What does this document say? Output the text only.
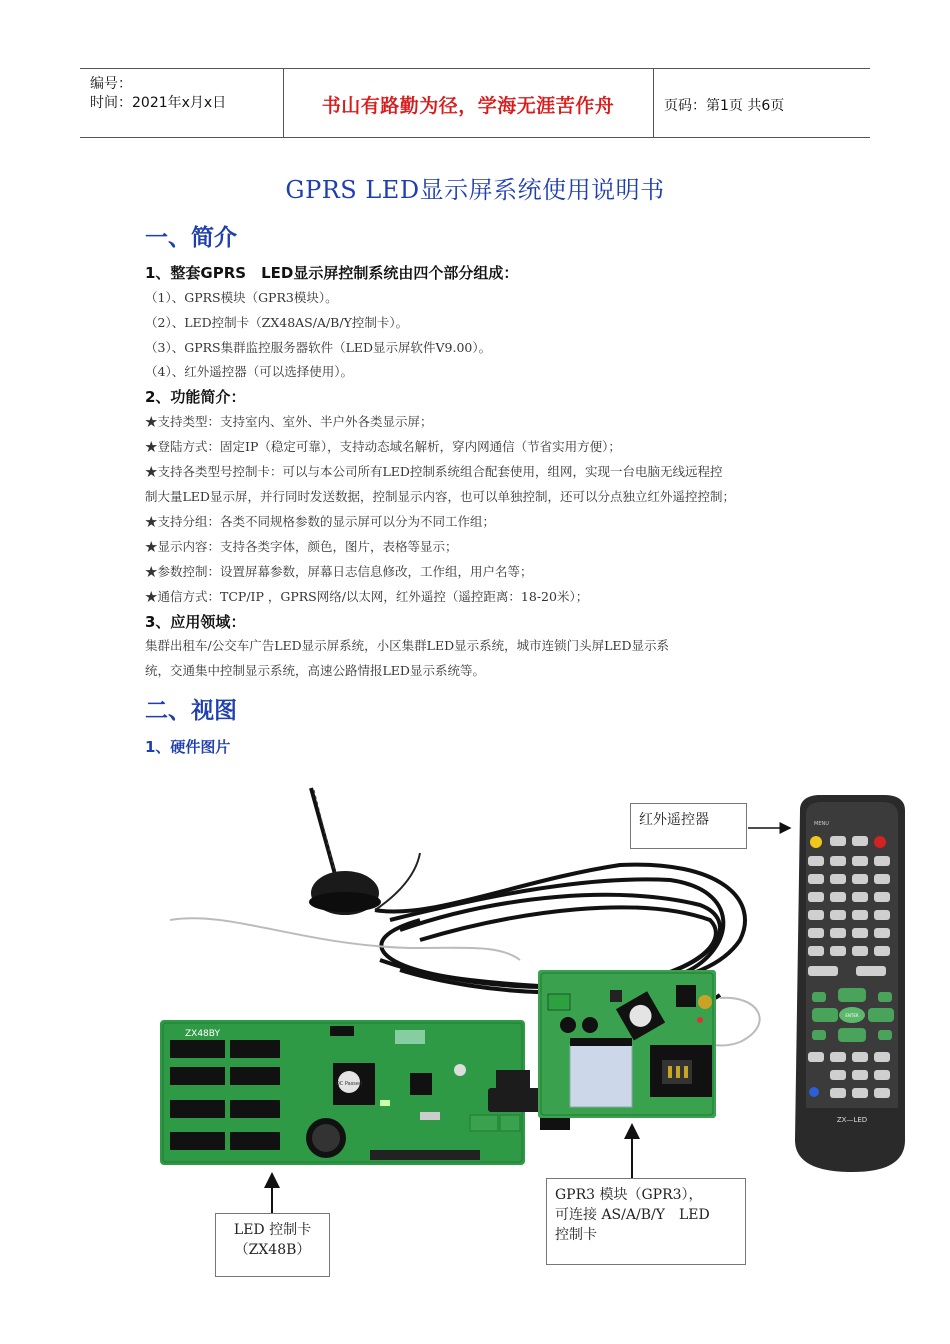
编号：
时间：2021年x月x日	书山有路勤为径，学海无涯苦作舟	页码：第1页 共6页
GPRS LED显示屏系统使用说明书
一、简介
1、整套GPRS　LED显示屏控制系统由四个部分组成：
（1）、GPRS模块（GPR3模块）。
（2）、LED控制卡（ZX48AS/A/B/Y控制卡）。
（3）、GPRS集群监控服务器软件（LED显示屏软件V9.00）。
（4）、红外遥控器（可以选择使用）。
2、功能简介：
★支持类型：支持室内、室外、半户外各类显示屏；
★登陆方式：固定IP（稳定可靠），支持动态域名解析，穿内网通信（节省实用方便）；
★支持各类型号控制卡：可以与本公司所有LED控制系统组合配套使用，组网，实现一台电脑无线远程控
制大量LED显示屏，并行同时发送数据，控制显示内容，也可以单独控制，还可以分点独立红外遥控控制；
★支持分组：各类不同规格参数的显示屏可以分为不同工作组；
★显示内容：支持各类字体，颜色，图片，表格等显示；
★参数控制：设置屏幕参数，屏幕日志信息修改，工作组，用户名等；
★通信方式：TCP/IP ，GPRS网络/以太网，红外遥控（遥控距离：18-20米）；
3、应用领域：
集群出租车/公交车广告LED显示屏系统，小区集群LED显示系统，城市连锁门头屏LED显示系
统，交通集中控制显示系统，高速公路情报LED显示系统等。
二、视图
1、硬件图片
ZX48BY
QC Passed
MENU
ENTER
ZX—LED
红外遥控器
LED 控制卡
（ZX48B）
GPR3 模块（GPR3），
可连接 AS/A/B/Y　LED
控制卡
